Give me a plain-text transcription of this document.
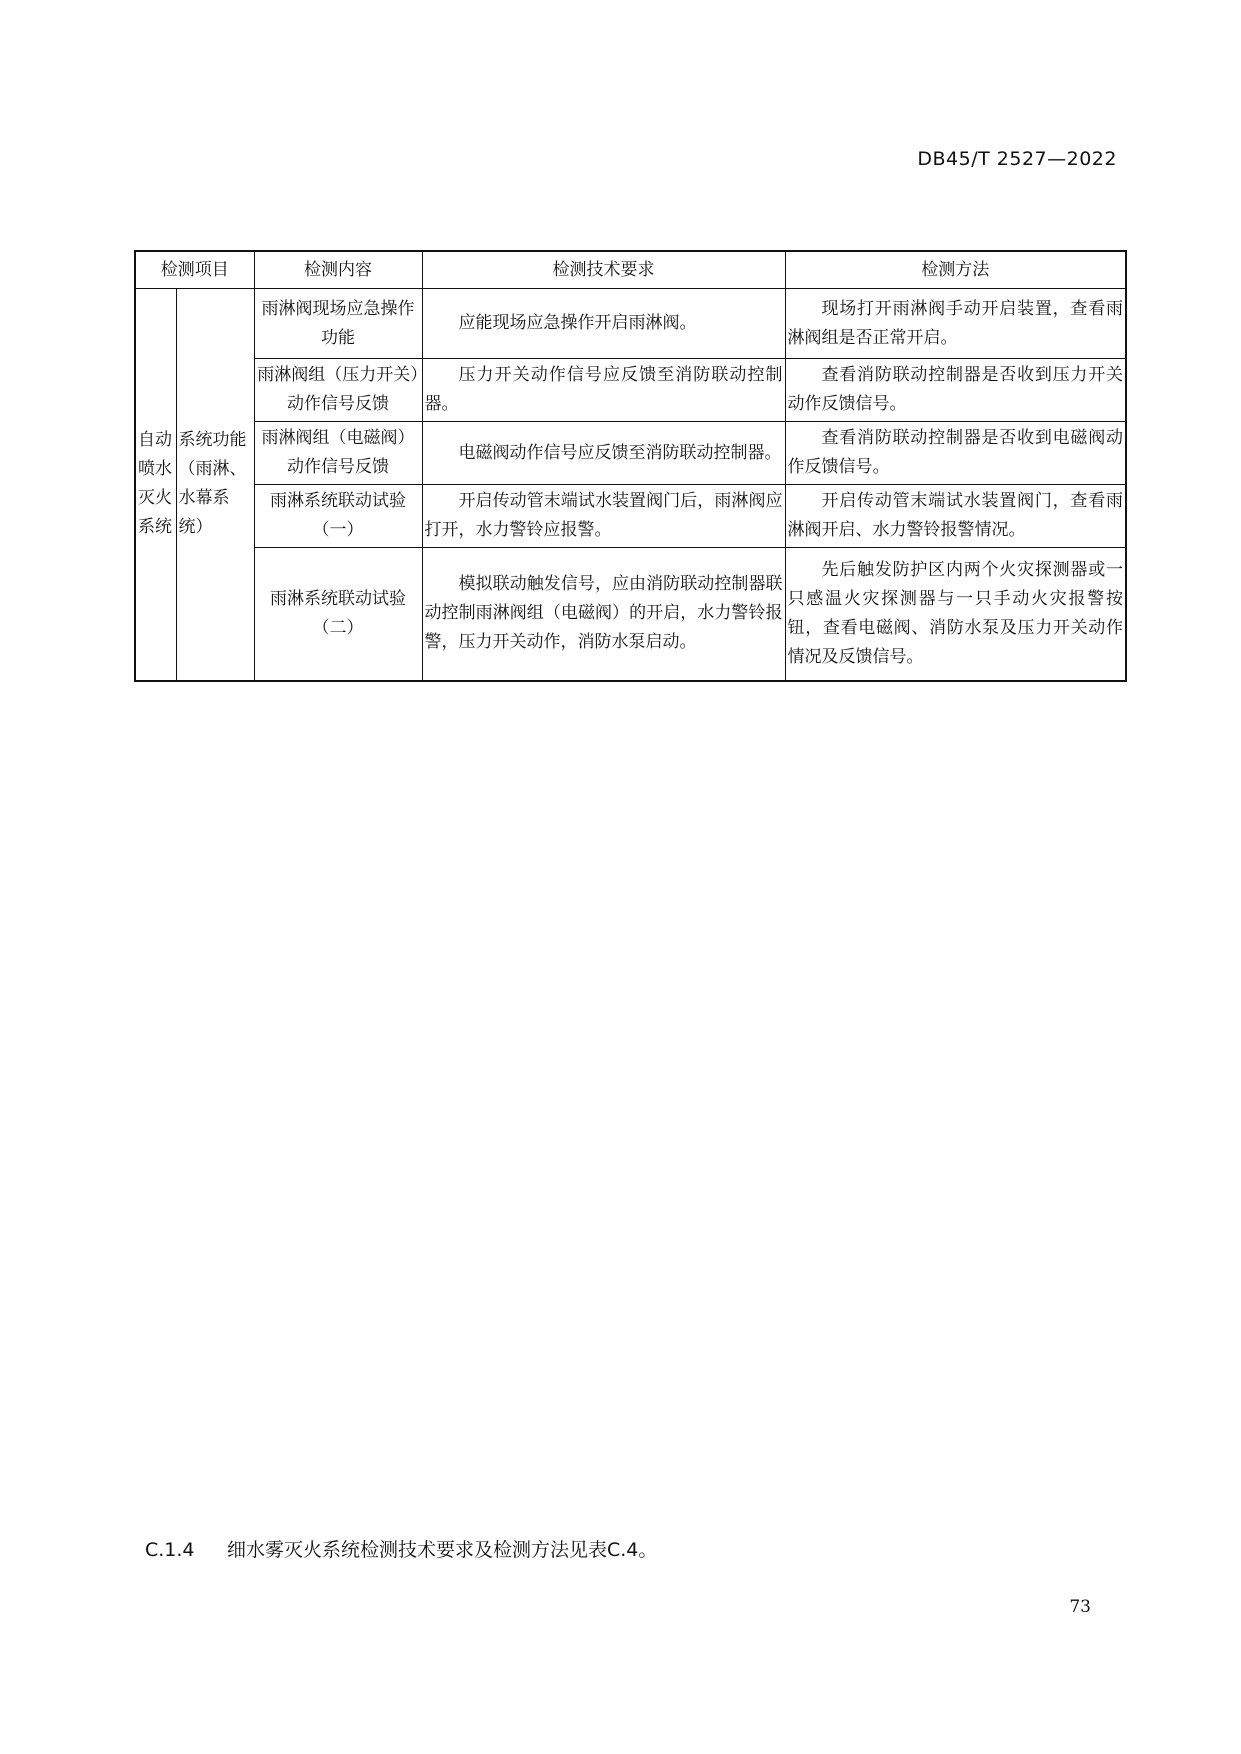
DB45/T 2527—2022
检测项目		检测内容	检测技术要求	检测方法
自动喷水灭火系统	系统功能（雨淋、水幕系统）	雨淋阀现场应急操作功能	应能现场应急操作开启雨淋阀。	现场打开雨淋阀手动开启装置，查看雨淋阀组是否正常开启。
		雨淋阀组（压力开关）动作信号反馈	压力开关动作信号应反馈至消防联动控制器。	查看消防联动控制器是否收到压力开关动作反馈信号。
		雨淋阀组（电磁阀）动作信号反馈	电磁阀动作信号应反馈至消防联动控制器。	查看消防联动控制器是否收到电磁阀动作反馈信号。
		雨淋系统联动试验（一）	开启传动管末端试水装置阀门后，雨淋阀应打开，水力警铃应报警。	开启传动管末端试水装置阀门，查看雨淋阀开启、水力警铃报警情况。
		雨淋系统联动试验（二）	模拟联动触发信号，应由消防联动控制器联动控制雨淋阀组（电磁阀）的开启，水力警铃报警，压力开关动作，消防水泵启动。	先后触发防护区内两个火灾探测器或一只感温火灾探测器与一只手动火灾报警按钮，查看电磁阀、消防水泵及压力开关动作情况及反馈信号。
C.1.4 细水雾灭火系统检测技术要求及检测方法见表C.4。
73
